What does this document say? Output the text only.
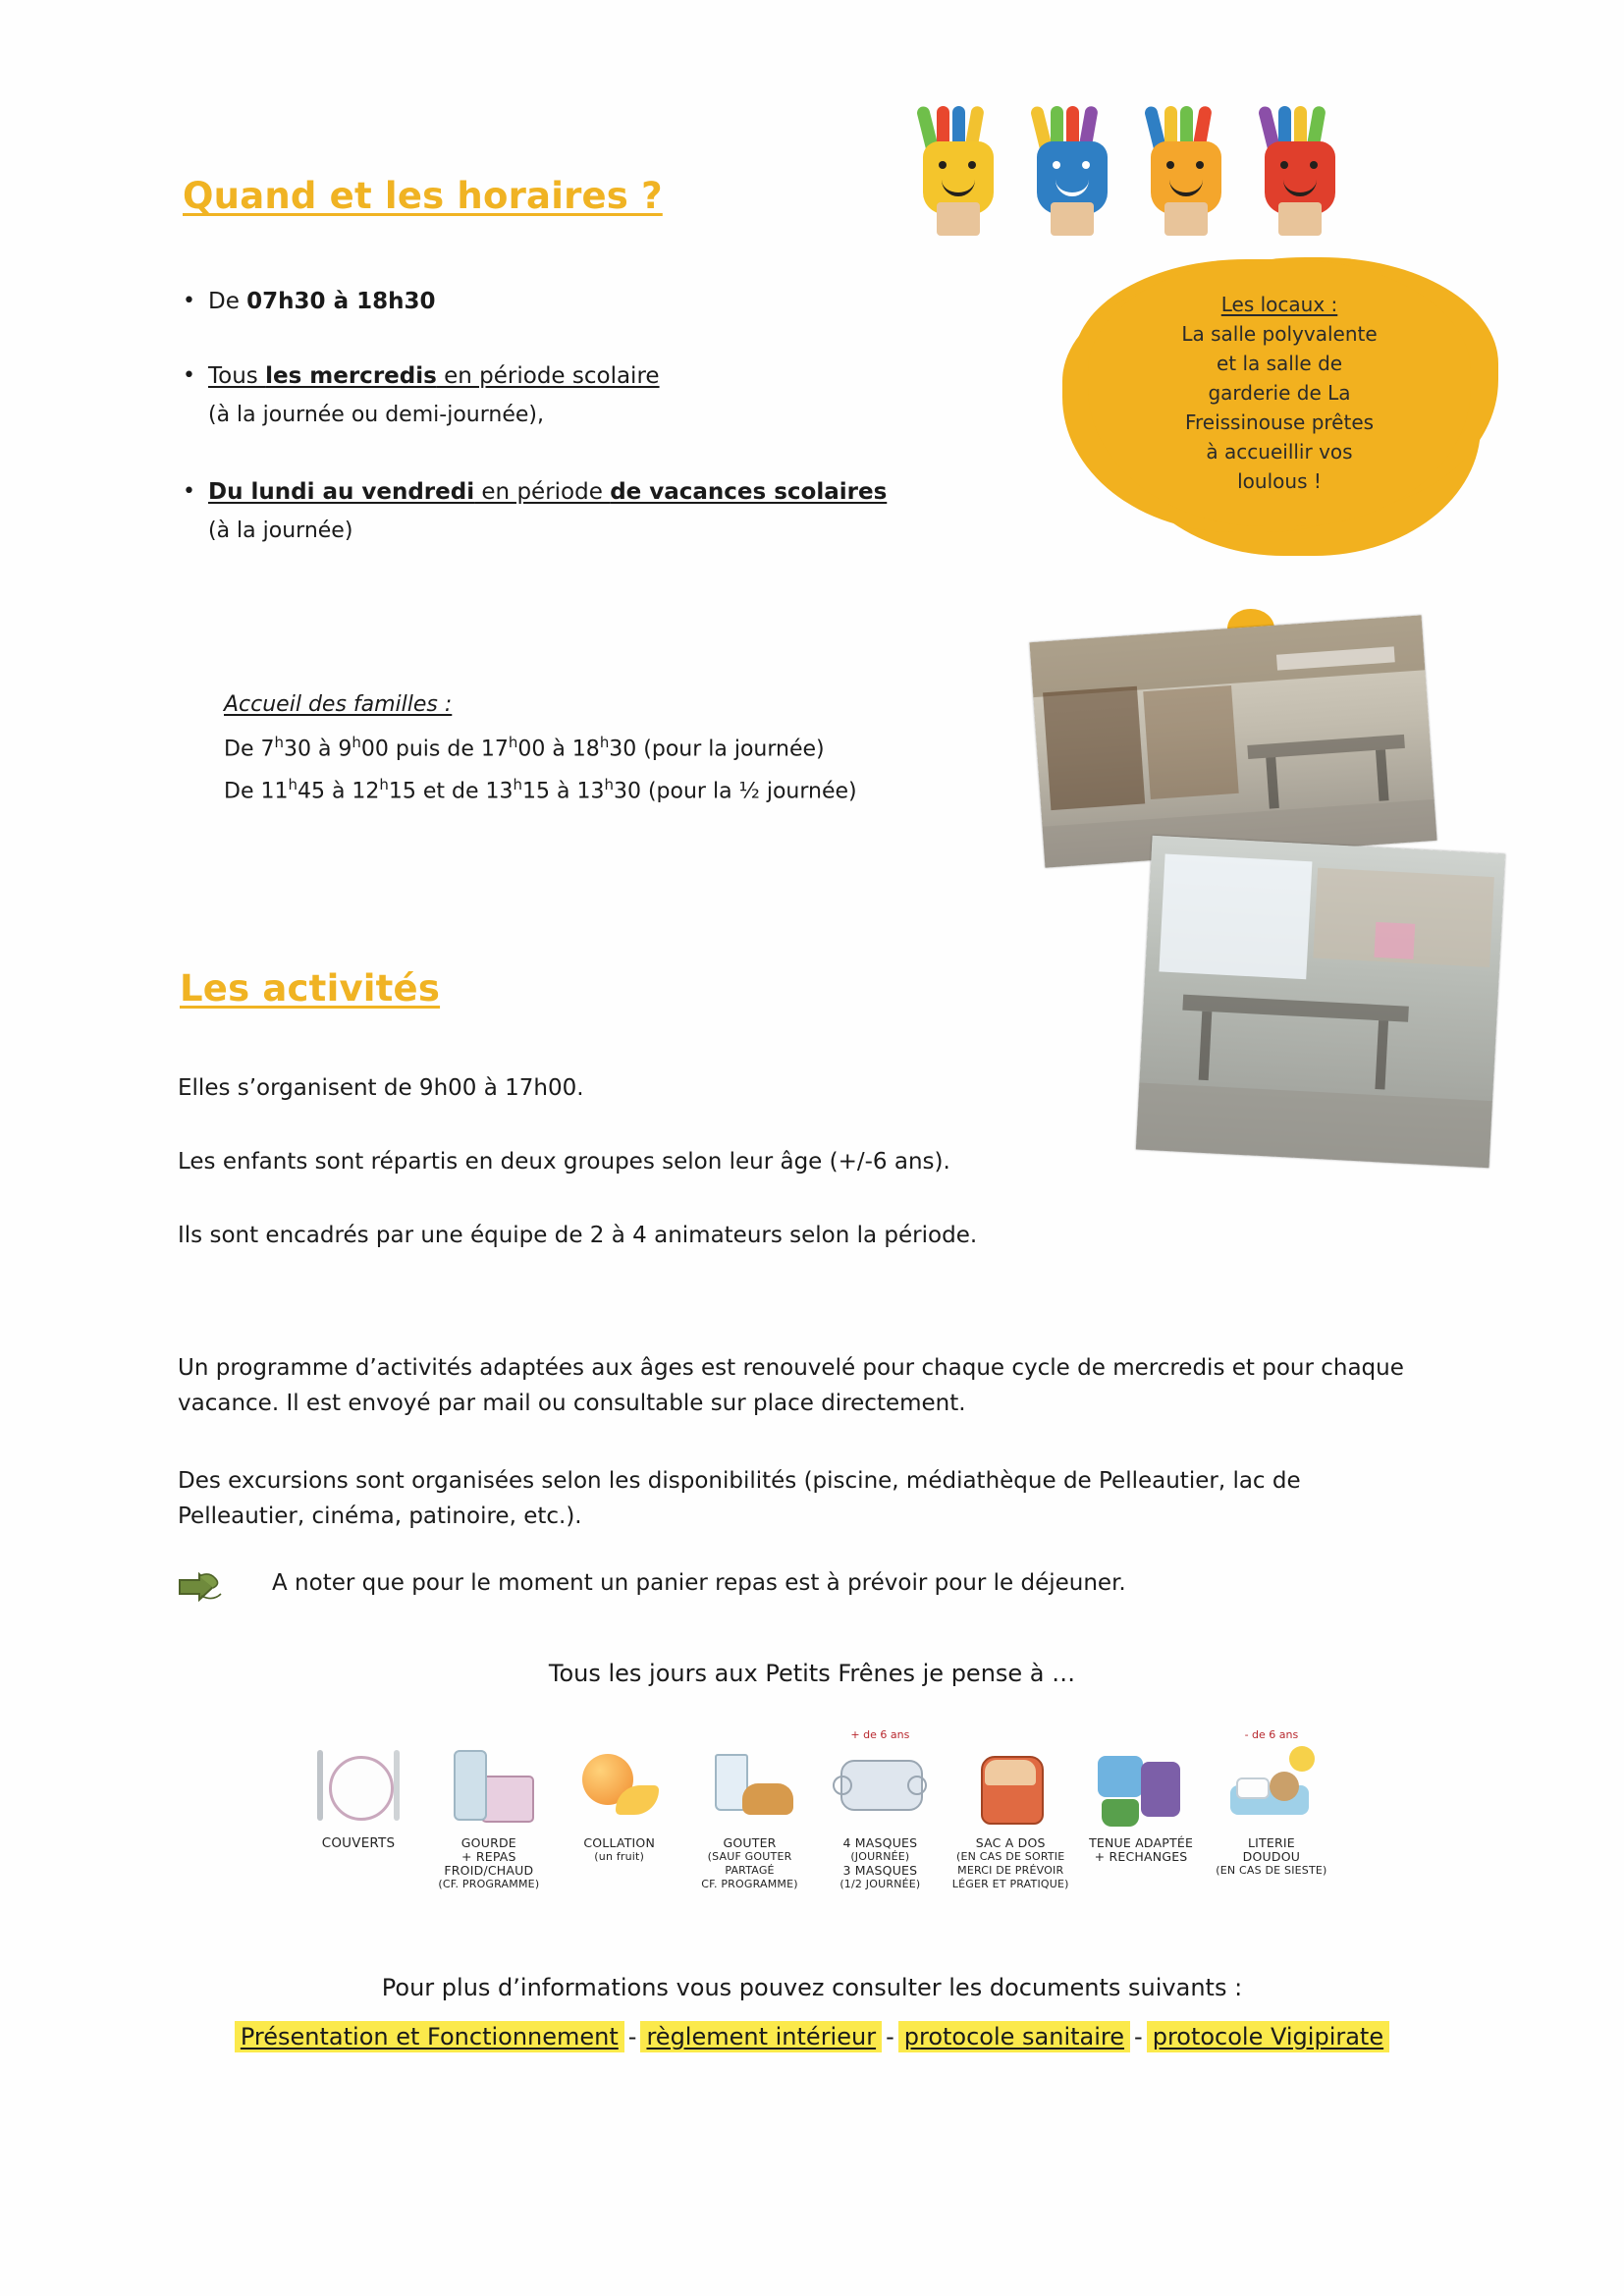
Les locaux :
La salle polyvalente
et la salle de
garderie de La
Freissinouse prêtes
à accueillir vos
loulous !
Quand et les horaires ?
• De 07h30 à 18h30
• Tous les mercredis en période scolaire
(à la journée ou demi-journée),
• Du lundi au vendredi en période de vacances scolaires
(à la journée)
Accueil des familles :
De 7$^h$30 à 9$^h$00 puis de 17$^h$00 à 18$^h$30 (pour la journée)
De 11$^h$45 à 12$^h$15 et de 13$^h$15 à 13$^h$30 (pour la ½ journée)
Les activités
Elles s’organisent de 9h00 à 17h00.
Les enfants sont répartis en deux groupes selon leur âge (+/-6 ans).
Ils sont encadrés par une équipe de 2 à 4 animateurs selon la période.
Un programme d’activités adaptées aux âges est renouvelé pour chaque cycle de mercredis et pour chaque vacance. Il est envoyé par mail ou consultable sur place directement.
Des excursions sont organisées selon les disponibilités (piscine, médiathèque de Pelleautier, lac de Pelleautier, cinéma, patinoire, etc.).
A noter que pour le moment un panier repas est à prévoir pour le déjeuner.
Tous les jours aux Petits Frênes je pense à …
COUVERTS	GOURDE
+ REPAS
FROID/CHAUD
(CF. PROGRAMME)
COLLATION
(un fruit)
GOUTER
(SAUF GOUTER
PARTAGÉ
CF. PROGRAMME)
+ de 6 ans
4 MASQUES
(JOURNÉE)
3 MASQUES
(1/2 JOURNÉE)
SAC A DOS
(EN CAS DE SORTIE
MERCI DE PRÉVOIR
LÉGER ET PRATIQUE)
TENUE ADAPTÉE
+ RECHANGES
- de 6 ans
LITERIE
DOUDOU
(EN CAS DE SIESTE)
Pour plus d’informations vous pouvez consulter les documents suivants :
Présentation et Fonctionnement - règlement intérieur - protocole sanitaire - protocole Vigipirate
